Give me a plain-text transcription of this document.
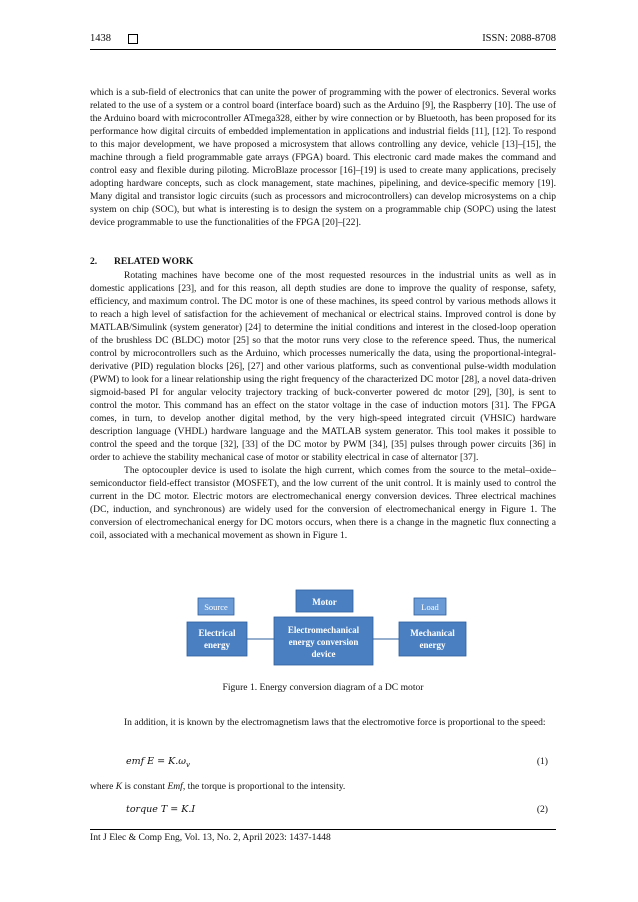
1438	ISSN: 2088-8708

which is a sub-field of electronics that can unite the power of programming with the power of electronics. Several works related to the use of a system or a control board (interface board) such as the Arduino [9], the Raspberry [10]. The use of the Arduino board with microcontroller ATmega328, either by wire connection or by Bluetooth, has been proposed for its performance how digital circuits of embedded implementation in applications and industrial fields [11], [12]. To respond to this major development, we have proposed a microsystem that allows controlling any device, vehicle [13]–[15], the machine through a field programmable gate arrays (FPGA) board. This electronic card made makes the command and control easy and flexible during piloting. MicroBlaze processor [16]–[19] is used to create many applications, precisely adopting hardware concepts, such as clock management, state machines, pipelining, and device-specific memory [19]. Many digital and transistor logic circuits (such as processors and microcontrollers) can develop microsystems on a chip system on chip (SOC), but what is interesting is to design the system on a programmable chip (SOPC) using the latest device programmable to use the functionalities of the FPGA [20]–[22].

2. RELATED WORK

Rotating machines have become one of the most requested resources in the industrial units as well as in domestic applications [23], and for this reason, all depth studies are done to improve the quality of response, safety, efficiency, and maximum control. The DC motor is one of these machines, its speed control by various methods allows it to reach a high level of satisfaction for the achievement of mechanical or electrical stains. Improved control is done by MATLAB/Simulink (system generator) [24] to determine the initial conditions and interest in the closed-loop operation of the brushless DC (BLDC) motor [25] so that the motor runs very close to the reference speed. Thus, the numerical control by microcontrollers such as the Arduino, which processes numerically the data, using the proportional-integral-derivative (PID) regulation blocks [26], [27] and other various platforms, such as conventional pulse-width modulation (PWM) to look for a linear relationship using the right frequency of the characterized DC motor [28], a novel data-driven sigmoid-based PI for angular velocity trajectory tracking of buck-converter powered dc motor [29], [30], is sent to control the motor. This command has an effect on the stator voltage in the case of induction motors [31]. The FPGA comes, in turn, to develop another digital method, by the very high-speed integrated circuit (VHSIC) hardware description language (VHDL) hardware language and the MATLAB system generator. This tool makes it possible to control the speed and the torque [32], [33] of the DC motor by PWM [34], [35] pulses through power circuits [36] in order to achieve the stability mechanical case of motor or stability electrical in case of alternator [37].

The optocoupler device is used to isolate the high current, which comes from the source to the metal–oxide–semiconductor field-effect transistor (MOSFET), and the low current of the unit control. It is mainly used to control the current in the DC motor. Electric motors are electromechanical energy conversion devices. Three electrical machines (DC, induction, and synchronous) are widely used for the conversion of electromechanical energy in Figure 1. The conversion of electromechanical energy for DC motors occurs, when there is a change in the magnetic flux connecting a coil, associated with a mechanical movement as shown in Figure 1.

Source	Motor	Load
Electrical
energy
Electromechanical
energy conversion
device
Mechanical
energy
Figure 1. Energy conversion diagram of a DC motor

In addition, it is known by the electromagnetism laws that the electromotive force is proportional to the speed:

emf $E = K.\omega_v$	(1)
where K is constant Emf, the torque is proportional to the intensity.
torque T = K.I	(2)
Int J Elec & Comp Eng, Vol. 13, No. 2, April 2023: 1437-1448
